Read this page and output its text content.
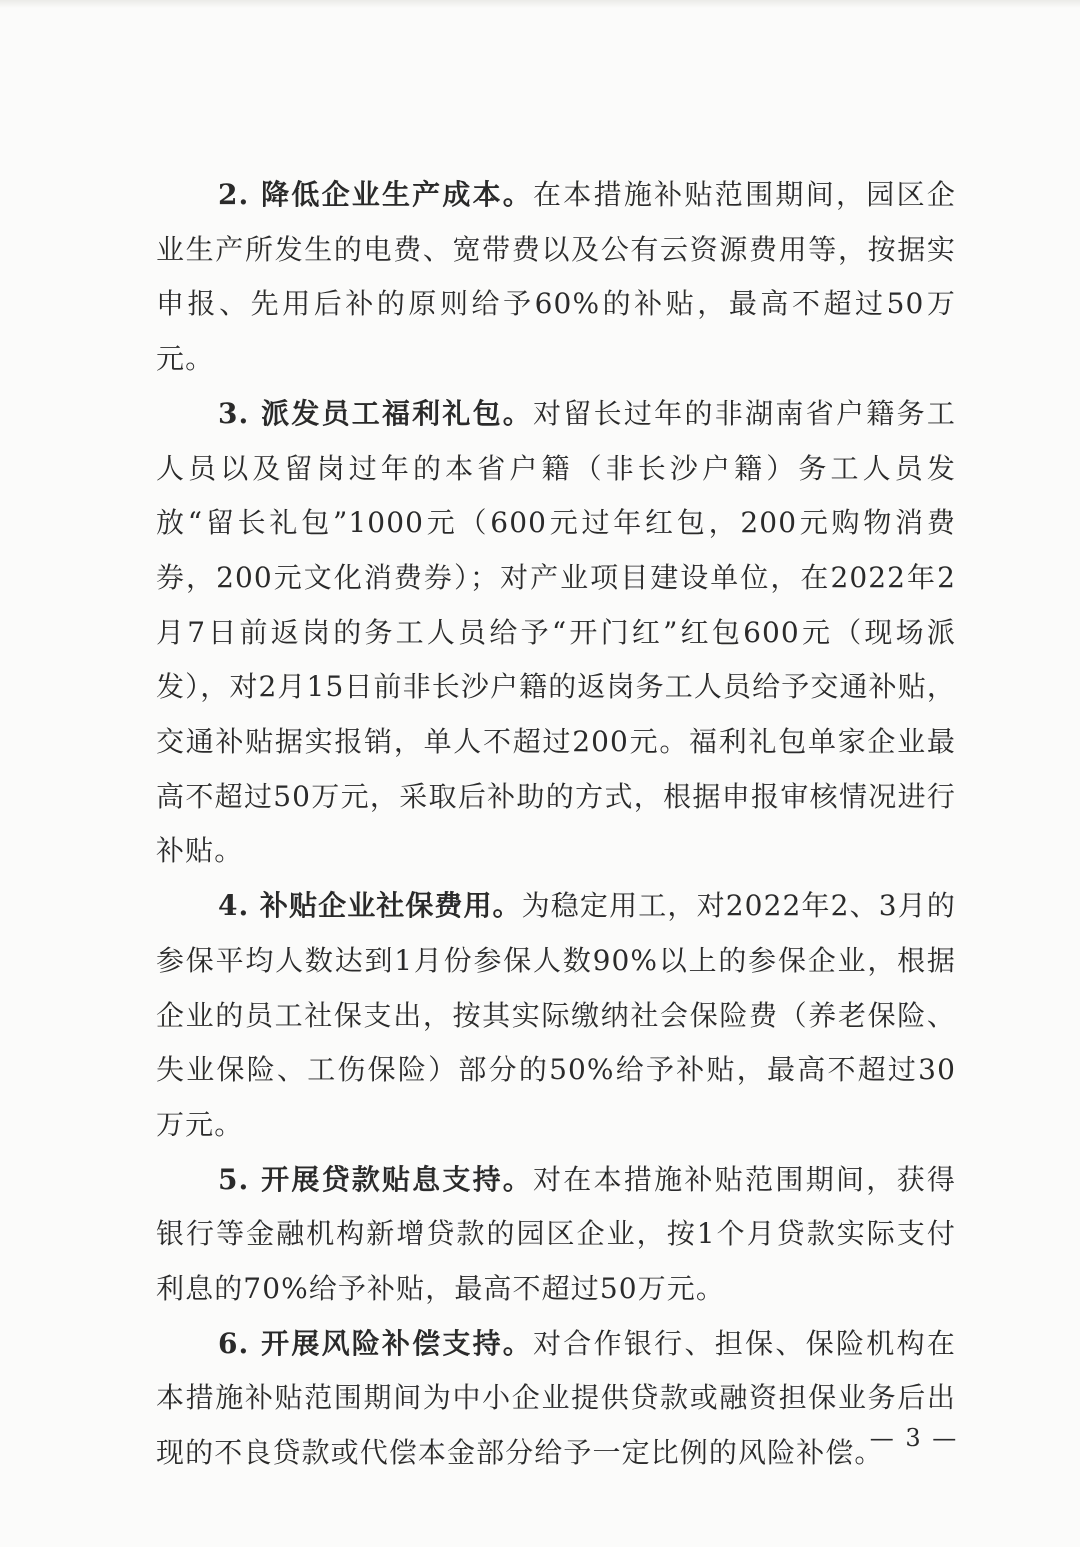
2. 降低企业生产成本。在本措施补贴范围期间，园区企业生产所发生的电费、宽带费以及公有云资源费用等，按据实申报、先用后补的原则给予60%的补贴，最高不超过50万元。

3. 派发员工福利礼包。对留长过年的非湖南省户籍务工人员以及留岗过年的本省户籍（非长沙户籍）务工人员发放“留长礼包”1000元（600元过年红包，200元购物消费券，200元文化消费券）；对产业项目建设单位，在2022年2月7日前返岗的务工人员给予“开门红”红包600元（现场派发），对2月15日前非长沙户籍的返岗务工人员给予交通补贴，交通补贴据实报销，单人不超过200元。福利礼包单家企业最高不超过50万元，采取后补助的方式，根据申报审核情况进行补贴。

4. 补贴企业社保费用。为稳定用工，对2022年2、3月的参保平均人数达到1月份参保人数90%以上的参保企业，根据企业的员工社保支出，按其实际缴纳社会保险费（养老保险、失业保险、工伤保险）部分的50%给予补贴，最高不超过30万元。

5. 开展贷款贴息支持。对在本措施补贴范围期间，获得银行等金融机构新增贷款的园区企业，按1个月贷款实际支付利息的70%给予补贴，最高不超过50万元。

6. 开展风险补偿支持。对合作银行、担保、保险机构在本措施补贴范围期间为中小企业提供贷款或融资担保业务后出现的不良贷款或代偿本金部分给予一定比例的风险补偿。

— 3 —
